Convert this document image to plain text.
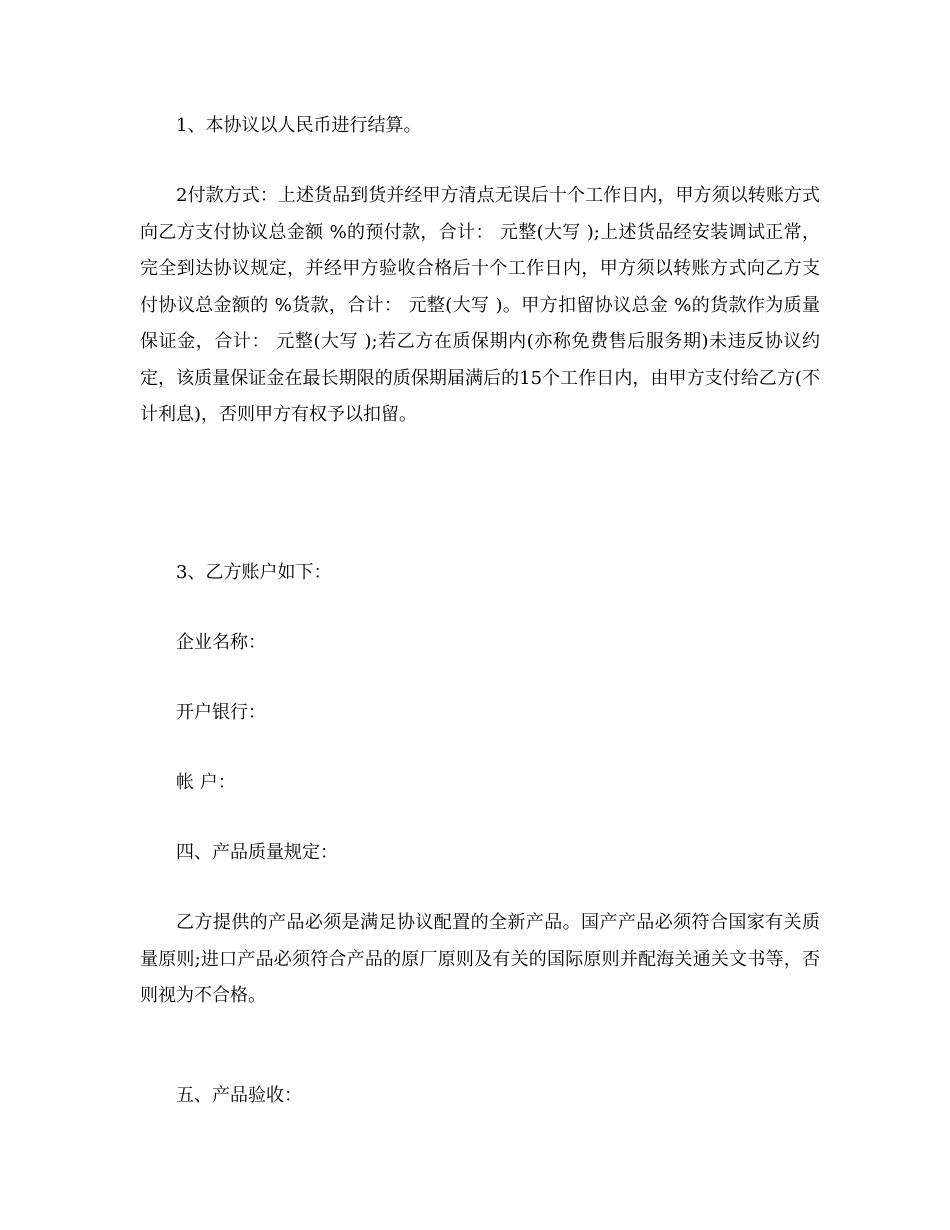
1、本协议以人民币进行结算。

2付款方式：上述货品到货并经甲方清点无误后十个工作日内，甲方须以转账方式向乙方支付协议总金额 %的预付款，合计： 元整(大写 );上述货品经安装调试正常，完全到达协议规定，并经甲方验收合格后十个工作日内，甲方须以转账方式向乙方支付协议总金额的 %货款，合计： 元整(大写 )。甲方扣留协议总金 %的货款作为质量保证金，合计： 元整(大写 );若乙方在质保期内(亦称免费售后服务期)未违反协议约定，该质量保证金在最长期限的质保期届满后的15个工作日内，由甲方支付给乙方(不计利息)，否则甲方有权予以扣留。

3、乙方账户如下：

企业名称：

开户银行：

帐 户：

四、产品质量规定：

乙方提供的产品必须是满足协议配置的全新产品。国产产品必须符合国家有关质量原则;进口产品必须符合产品的原厂原则及有关的国际原则并配海关通关文书等，否则视为不合格。

五、产品验收：
